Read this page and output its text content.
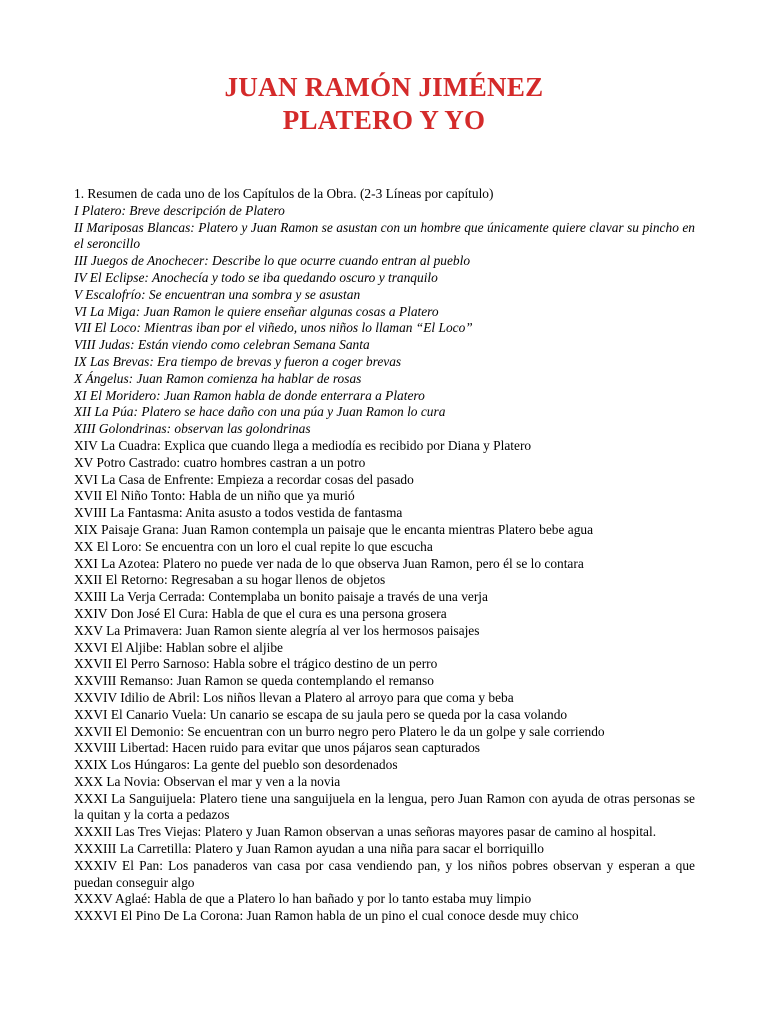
JUAN RAMÓN JIMÉNEZ
PLATERO Y YO

1. Resumen de cada uno de los Capítulos de la Obra. (2-3 Líneas por capítulo)

I Platero: Breve descripción de Platero

II Mariposas Blancas: Platero y Juan Ramon se asustan con un hombre que únicamente quiere clavar su pincho en el seroncillo

III Juegos de Anochecer: Describe lo que ocurre cuando entran al pueblo

IV El Eclipse: Anochecía y todo se iba quedando oscuro y tranquilo

V Escalofrío: Se encuentran una sombra y se asustan

VI La Miga: Juan Ramon le quiere enseñar algunas cosas a Platero

VII El Loco: Mientras iban por el viñedo, unos niños lo llaman “El Loco”

VIII Judas: Están viendo como celebran Semana Santa

IX Las Brevas: Era tiempo de brevas y fueron a coger brevas

X Ángelus: Juan Ramon comienza ha hablar de rosas

XI El Moridero: Juan Ramon habla de donde enterrara a Platero

XII La Púa: Platero se hace daño con una púa y Juan Ramon lo cura

XIII Golondrinas: observan las golondrinas

XIV La Cuadra: Explica que cuando llega a mediodía es recibido por Diana y Platero

XV Potro Castrado: cuatro hombres castran a un potro

XVI La Casa de Enfrente: Empieza a recordar cosas del pasado

XVII El Niño Tonto: Habla de un niño que ya murió

XVIII La Fantasma: Anita asusto a todos vestida de fantasma

XIX Paisaje Grana: Juan Ramon contempla un paisaje que le encanta mientras Platero bebe agua

XX El Loro: Se encuentra con un loro el cual repite lo que escucha

XXI La Azotea: Platero no puede ver nada de lo que observa Juan Ramon, pero él se lo contara

XXII El Retorno: Regresaban a su hogar llenos de objetos

XXIII La Verja Cerrada: Contemplaba un bonito paisaje a través de una verja

XXIV Don José El Cura: Habla de que el cura es una persona grosera

XXV La Primavera: Juan Ramon siente alegría al ver los hermosos paisajes

XXVI El Aljibe: Hablan sobre el aljibe

XXVII El Perro Sarnoso: Habla sobre el trágico destino de un perro

XXVIII Remanso: Juan Ramon se queda contemplando el remanso

XXVIV Idilio de Abril: Los niños llevan a Platero al arroyo para que coma y beba

XXVI El Canario Vuela: Un canario se escapa de su jaula pero se queda por la casa volando

XXVII El Demonio: Se encuentran con un burro negro pero Platero le da un golpe y sale corriendo

XXVIII Libertad: Hacen ruido para evitar que unos pájaros sean capturados

XXIX Los Húngaros: La gente del pueblo son desordenados

XXX La Novia: Observan el mar y ven a la novia

XXXI La Sanguijuela: Platero tiene una sanguijuela en la lengua, pero Juan Ramon con ayuda de otras personas se la quitan y la corta a pedazos

XXXII Las Tres Viejas: Platero y Juan Ramon observan a unas señoras mayores pasar de camino al hospital.

XXXIII La Carretilla: Platero y Juan Ramon ayudan a una niña para sacar el borriquillo

XXXIV El Pan: Los panaderos van casa por casa vendiendo pan, y los niños pobres observan y esperan a que puedan conseguir algo

XXXV Aglaé: Habla de que a Platero lo han bañado y por lo tanto estaba muy limpio

XXXVI El Pino De La Corona: Juan Ramon habla de un pino el cual conoce desde muy chico
